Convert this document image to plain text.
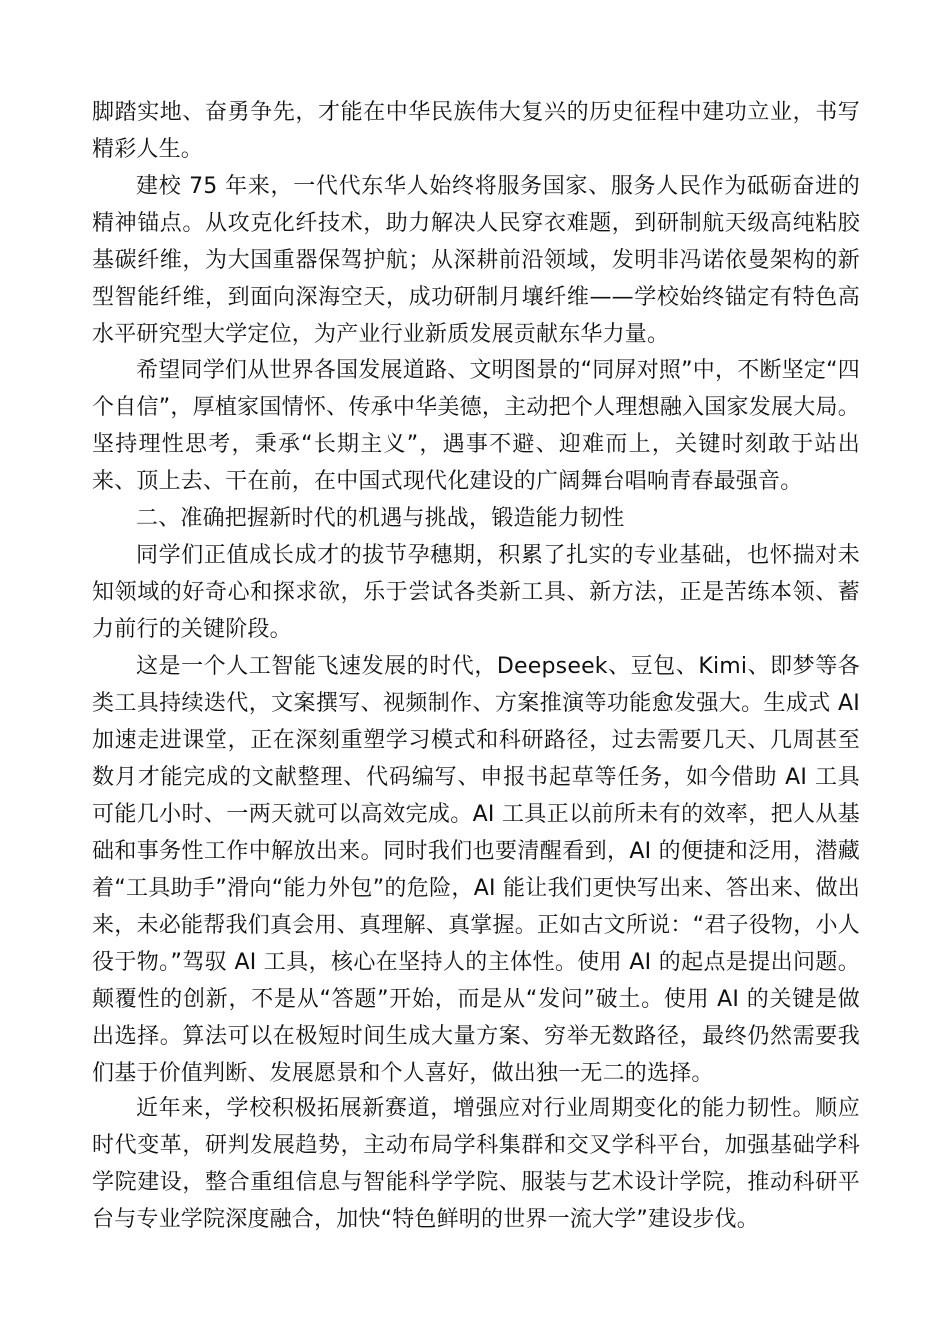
脚踏实地、奋勇争先，才能在中华民族伟大复兴的历史征程中建功立业，书写精彩人生。

建校 75 年来，一代代东华人始终将服务国家、服务人民作为砥砺奋进的精神锚点。从攻克化纤技术，助力解决人民穿衣难题，到研制航天级高纯粘胶基碳纤维，为大国重器保驾护航；从深耕前沿领域，发明非冯诺依曼架构的新型智能纤维，到面向深海空天，成功研制月壤纤维——学校始终锚定有特色高水平研究型大学定位，为产业行业新质发展贡献东华力量。

希望同学们从世界各国发展道路、文明图景的“同屏对照”中，不断坚定“四个自信”，厚植家国情怀、传承中华美德，主动把个人理想融入国家发展大局。坚持理性思考，秉承“长期主义”，遇事不避、迎难而上，关键时刻敢于站出来、顶上去、干在前，在中国式现代化建设的广阔舞台唱响青春最强音。

二、准确把握新时代的机遇与挑战，锻造能力韧性

同学们正值成长成才的拔节孕穗期，积累了扎实的专业基础，也怀揣对未知领域的好奇心和探求欲，乐于尝试各类新工具、新方法，正是苦练本领、蓄力前行的关键阶段。

这是一个人工智能飞速发展的时代，Deepseek、豆包、Kimi、即梦等各类工具持续迭代，文案撰写、视频制作、方案推演等功能愈发强大。生成式 AI 加速走进课堂，正在深刻重塑学习模式和科研路径，过去需要几天、几周甚至数月才能完成的文献整理、代码编写、申报书起草等任务，如今借助 AI 工具可能几小时、一两天就可以高效完成。AI 工具正以前所未有的效率，把人从基础和事务性工作中解放出来。同时我们也要清醒看到，AI 的便捷和泛用，潜藏着“工具助手”滑向“能力外包”的危险，AI 能让我们更快写出来、答出来、做出来，未必能帮我们真会用、真理解、真掌握。正如古文所说：“君子役物，小人役于物。”驾驭 AI 工具，核心在坚持人的主体性。使用 AI 的起点是提出问题。颠覆性的创新，不是从“答题”开始，而是从“发问”破土。使用 AI 的关键是做出选择。算法可以在极短时间生成大量方案、穷举无数路径，最终仍然需要我们基于价值判断、发展愿景和个人喜好，做出独一无二的选择。

近年来，学校积极拓展新赛道，增强应对行业周期变化的能力韧性。顺应时代变革，研判发展趋势，主动布局学科集群和交叉学科平台，加强基础学科学院建设，整合重组信息与智能科学学院、服装与艺术设计学院，推动科研平台与专业学院深度融合，加快“特色鲜明的世界一流大学”建设步伐。
